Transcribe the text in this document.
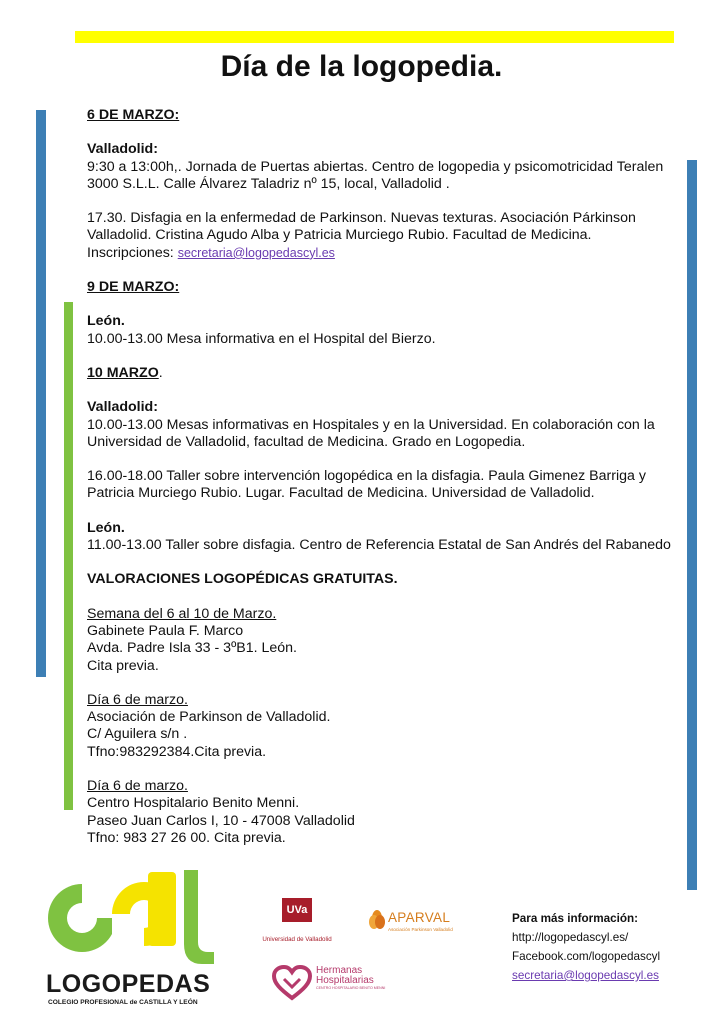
Día de la logopedia.

6 DE MARZO:

Valladolid:

9:30 a 13:00h,. Jornada de Puertas abiertas. Centro de logopedia y psicomotricidad Teralen 3000 S.L.L. Calle Álvarez Taladriz nº 15, local, Valladolid .

17.30. Disfagia en la enfermedad de Parkinson. Nuevas texturas. Asociación Párkinson Valladolid. Cristina Agudo Alba y Patricia Murciego Rubio. Facultad de Medicina.

Inscripciones: secretaria@logopedascyl.es

9 DE MARZO:

León.

10.00-13.00 Mesa informativa en el Hospital del Bierzo.

10 MARZO.

Valladolid:

10.00-13.00 Mesas informativas en Hospitales y en la Universidad. En colaboración con la Universidad de Valladolid, facultad de Medicina. Grado en Logopedia.

16.00-18.00 Taller sobre intervención logopédica en la disfagia. Paula Gimenez Barriga y Patricia Murciego Rubio. Lugar. Facultad de Medicina. Universidad de Valladolid.

León.

11.00-13.00 Taller sobre disfagia. Centro de Referencia Estatal de San Andrés del Rabanedo

VALORACIONES LOGOPÉDICAS GRATUITAS.

Semana del 6 al 10 de Marzo.

Gabinete Paula F. Marco

Avda. Padre Isla 33 - 3ºB1. León.

Cita previa.

Día 6 de marzo.

Asociación de Parkinson de Valladolid.

C/ Aguilera s/n .

Tfno:983292384.Cita previa.

Día 6 de marzo.

Centro Hospitalario Benito Menni.

Paseo Juan Carlos I, 10 - 47008 Valladolid

Tfno: 983 27 26 00. Cita previa.

LOGOPEDAS
COLEGIO PROFESIONAL de CASTILLA Y LEÓN
UVa
Universidad de Valladolid
APARVAL
Asociación Parkinson Valladolid
Hermanas
Hospitalarias
CENTRO HOSPITALARIO BENITO MENNI
Para más información:
http://logopedascyl.es/
Facebook.com/logopedascyl
secretaria@logopedascyl.es
